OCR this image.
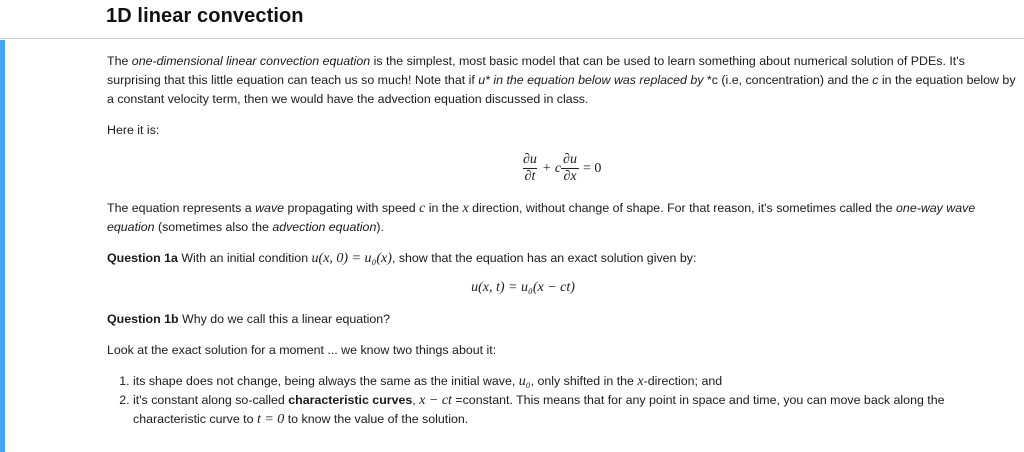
1D linear convection

The one-dimensional linear convection equation is the simplest, most basic model that can be used to learn something about numerical solution of PDEs. It's surprising that this little equation can teach us so much! Note that if u* in the equation below was replaced by *c (i.e, concentration) and the c in the equation below by a constant velocity term, then we would have the advection equation discussed in class.

Here it is:

$\frac{\partial u}{\partial t} + c \frac{\partial u}{\partial x} = 0$

The equation represents a wave propagating with speed c in the x direction, without change of shape. For that reason, it's sometimes called the one-way wave equation (sometimes also the advection equation).

Question 1a With an initial condition u(x, 0) = u₀(x), show that the equation has an exact solution given by:

u(x, t) = u₀(x − ct)

Question 1b Why do we call this a linear equation?

Look at the exact solution for a moment ... we know two things about it:

1. its shape does not change, being always the same as the initial wave, u₀, only shifted in the x-direction; and
2. it's constant along so-called characteristic curves, x − ct =constant. This means that for any point in space and time, you can move back along the characteristic curve to t = 0 to know the value of the solution.
